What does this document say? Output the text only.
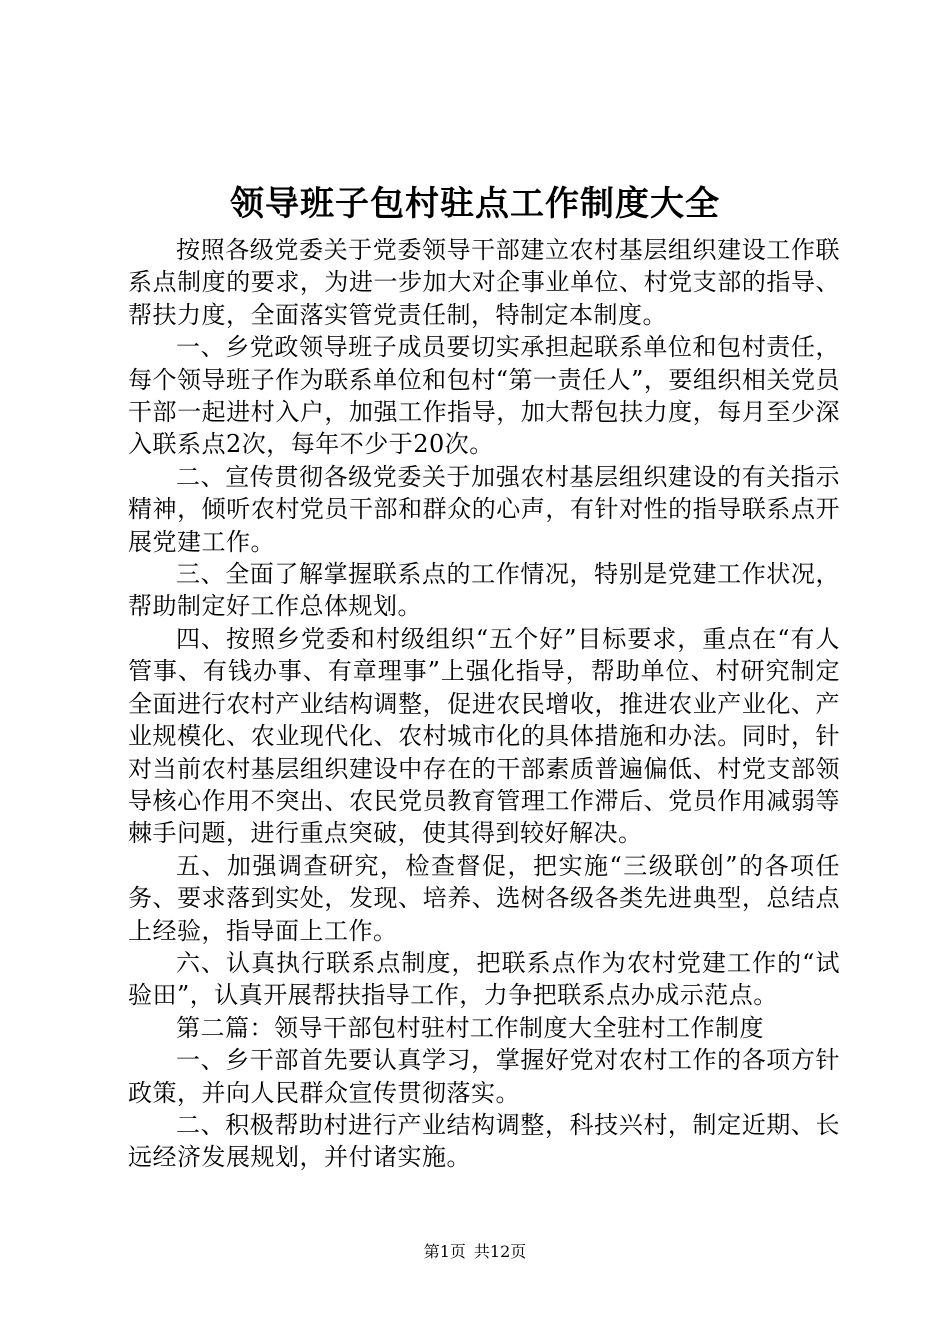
领导班子包村驻点工作制度大全

按照各级党委关于党委领导干部建立农村基层组织建设工作联系点制度的要求，为进一步加大对企事业单位、村党支部的指导、帮扶力度，全面落实管党责任制，特制定本制度。

一、乡党政领导班子成员要切实承担起联系单位和包村责任，每个领导班子作为联系单位和包村“第一责任人”，要组织相关党员干部一起进村入户，加强工作指导，加大帮包扶力度，每月至少深入联系点2次，每年不少于20次。

二、宣传贯彻各级党委关于加强农村基层组织建设的有关指示精神，倾听农村党员干部和群众的心声，有针对性的指导联系点开展党建工作。

三、全面了解掌握联系点的工作情况，特别是党建工作状况，帮助制定好工作总体规划。

四、按照乡党委和村级组织“五个好”目标要求，重点在“有人管事、有钱办事、有章理事”上强化指导，帮助单位、村研究制定全面进行农村产业结构调整，促进农民增收，推进农业产业化、产业规模化、农业现代化、农村城市化的具体措施和办法。同时，针对当前农村基层组织建设中存在的干部素质普遍偏低、村党支部领导核心作用不突出、农民党员教育管理工作滞后、党员作用减弱等棘手问题，进行重点突破，使其得到较好解决。

五、加强调查研究，检查督促，把实施“三级联创”的各项任务、要求落到实处，发现、培养、选树各级各类先进典型，总结点上经验，指导面上工作。

六、认真执行联系点制度，把联系点作为农村党建工作的“试验田”，认真开展帮扶指导工作，力争把联系点办成示范点。

第二篇：领导干部包村驻村工作制度大全驻村工作制度

一、乡干部首先要认真学习，掌握好党对农村工作的各项方针政策，并向人民群众宣传贯彻落实。

二、积极帮助村进行产业结构调整，科技兴村，制定近期、长远经济发展规划，并付诸实施。

第1页 共12页
